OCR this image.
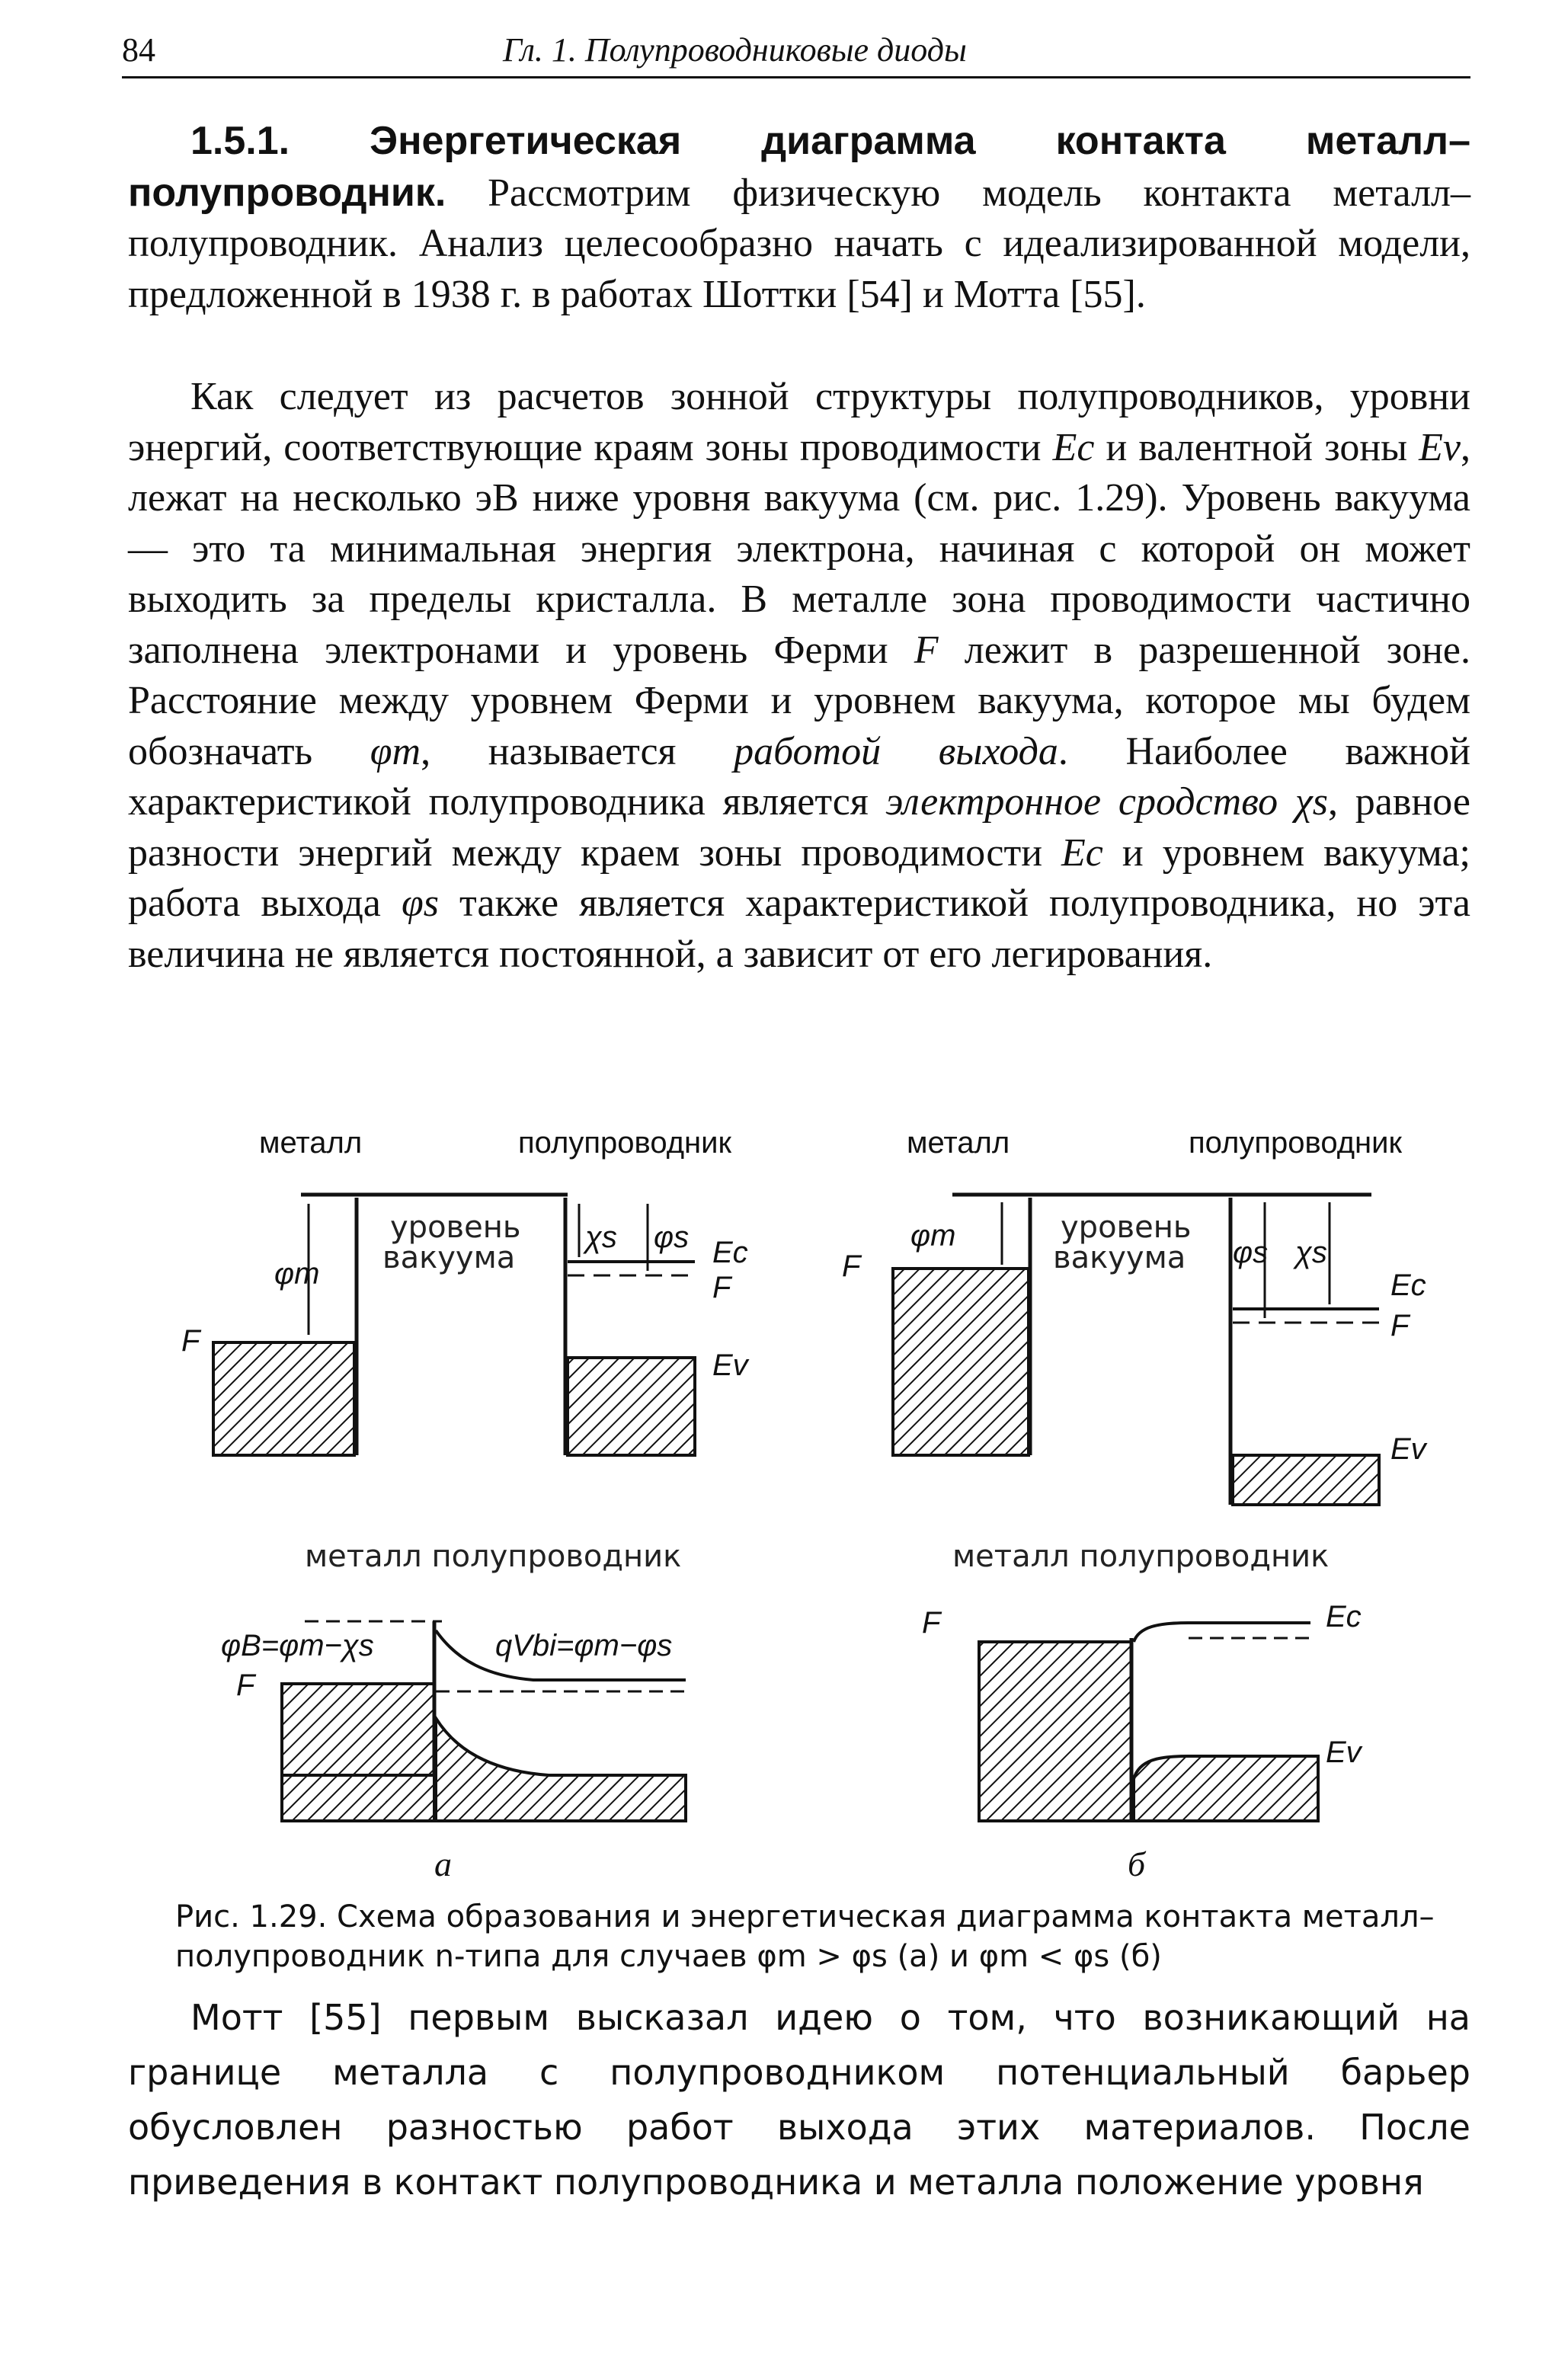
84	Гл. 1. Полупроводниковые диоды
1.5.1. Энергетическая диаграмма контакта металл–полупроводник. Рассмотрим физическую модель контакта металл–полупроводник. Анализ целесообразно начать с идеализированной модели, предложенной в 1938 г. в работах Шоттки [54] и Мотта [55].
Как следует из расчетов зонной структуры полупроводников, уровни энергий, соответствующие краям зоны проводимости Ec и валентной зоны Ev, лежат на несколько эВ ниже уровня вакуума (см. рис. 1.29). Уровень вакуума — это та минимальная энергия электрона, начиная с которой он может выходить за пределы кристалла. В металле зона проводимости частично заполнена электронами и уровень Ферми F лежит в разрешенной зоне. Расстояние между уровнем Ферми и уровнем вакуума, которое мы будем обозначать φm, называется работой выхода. Наиболее важной характеристикой полупроводника является электронное сродство χs, равное разности энергий между краем зоны проводимости Ec и уровнем вакуума; работа выхода φs также является характеристикой полупроводника, но эта величина не является постоянной, а зависит от его легирования.
металл	полупроводник
уровень
вакуума
φm
χs φs Ec
F
Ev
F
металл	полупроводник
уровень
вакуума
φm	φs χs
Ec
F
Ev
F
металл полупроводник
φB=φm−χs	qVbi=φm−φs
F
а
металл полупроводник
F	Ec
Ev
б
Рис. 1.29. Схема образования и энергетическая диаграмма контакта металл–полупроводник n-типа для случаев φm > φs (а) и φm < φs (б)
Мотт [55] первым высказал идею о том, что возникающий на границе металла с полупроводником потенциальный барьер обусловлен разностью работ выхода этих материалов. После приведения в контакт полупроводника и металла положение уровня
